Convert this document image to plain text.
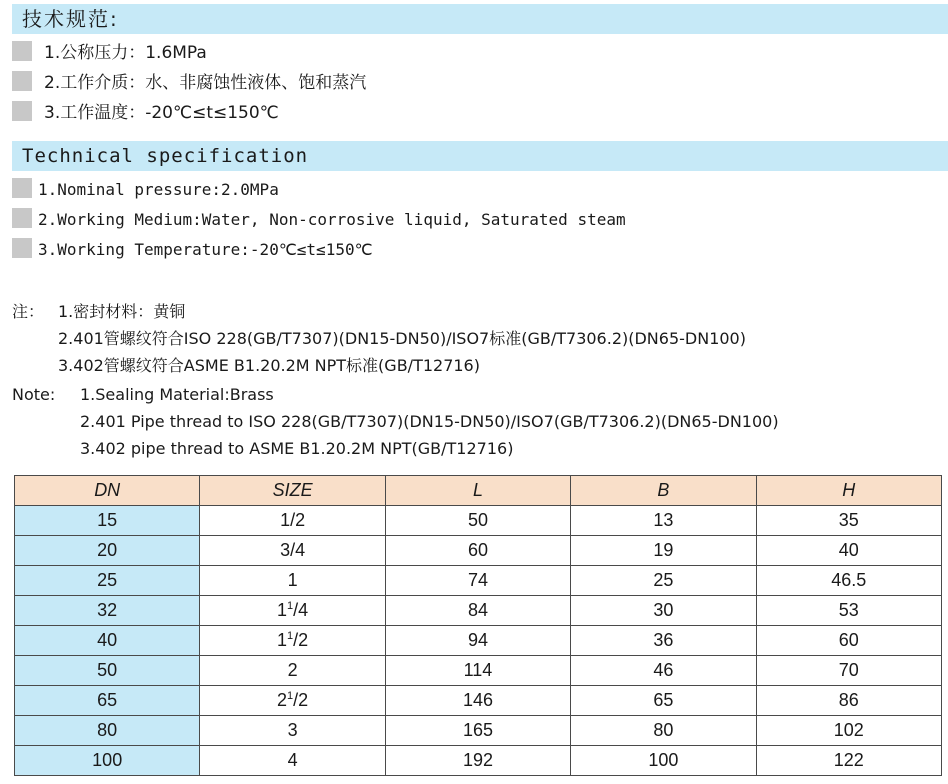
技术规范:
1.公称压力：1.6MPa
2.工作介质：水、非腐蚀性液体、饱和蒸汽
3.工作温度：-20℃≤t≤150℃
Technical specification
1.Nominal pressure:2.0MPa
2.Working Medium:Water, Non-corrosive liquid, Saturated steam
3.Working Temperature:-20℃≤t≤150℃
注： 1.密封材料：黄铜
2.401管螺纹符合ISO 228(GB/T7307)(DN15-DN50)/ISO7标准(GB/T7306.2)(DN65-DN100)
3.402管螺纹符合ASME B1.20.2M NPT标准(GB/T12716)
Note: 1.Sealing Material:Brass
2.401 Pipe thread to ISO 228(GB/T7307)(DN15-DN50)/ISO7(GB/T7306.2)(DN65-DN100)
3.402 pipe thread to ASME B1.20.2M NPT(GB/T12716)
DN	SIZE	L	B	H
15	1/2	50	13	35
20	3/4	60	19	40
25	1	74	25	46.5
32	$1^1/4$	84	30	53
40	$1^1/2$	94	36	60
50	2	114	46	70
65	$2^1/2$	146	65	86
80	3	165	80	102
100	4	192	100	122
